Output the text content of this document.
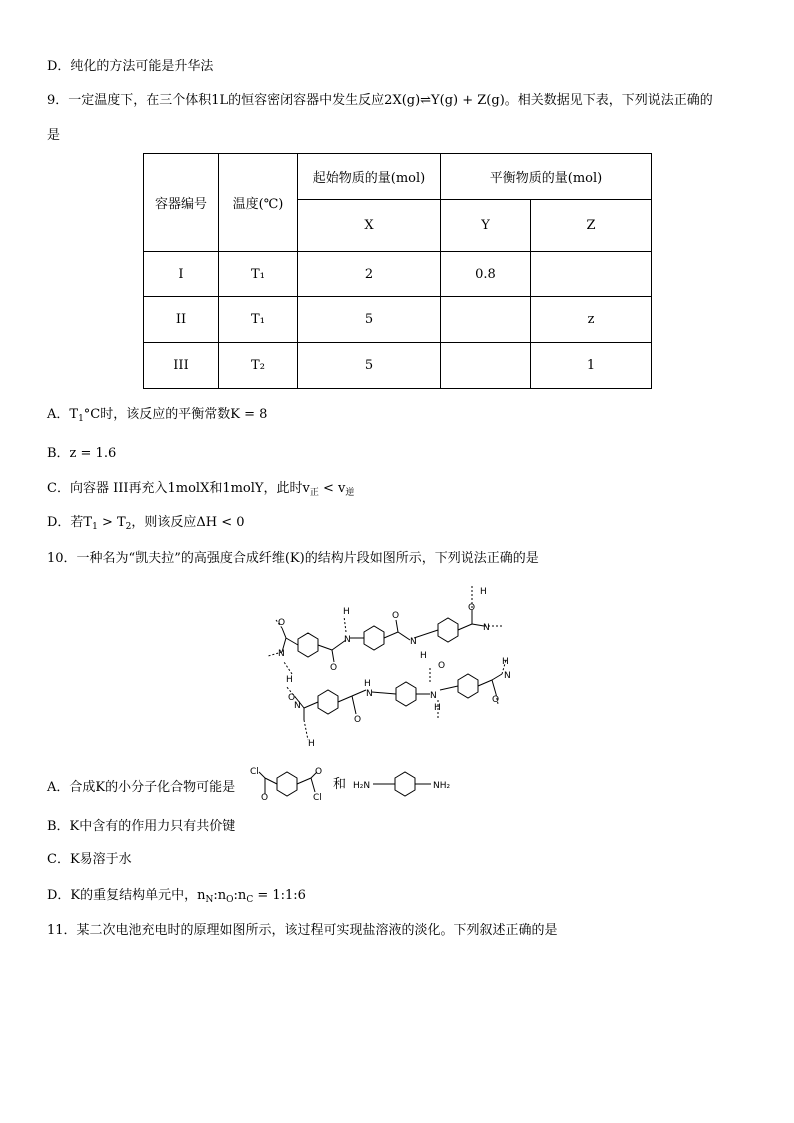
D．纯化的方法可能是升华法
9．一定温度下，在三个体积1L的恒容密闭容器中发生反应2X(g)⇌Y(g) + Z(g)。相关数据见下表，下列说法正确的
是
容器编号	温度(℃)	起始物质的量(mol)	平衡物质的量(mol)	
		X	Y	Z
I	T₁	2	0.8	
II	T₁	5		z
III	T₂	5		1
A．$T_1^\circ C$时，该反应的平衡常数K = 8
B．z = 1.6
C．向容器 III再充入1molX和1molY，此时$v_正 < v_逆$
D．若$T_1 > T_2$，则该反应ΔH < 0
10．一种名为“凯夫拉”的高强度合成纤维(K)的结构片段如图所示，下列说法正确的是
O
N
O
N
H	O
N
H
O
H
N
H
O
N
H
O
H
N	N
H
O	H
N
O
A．合成K的小分子化合物可能是
Cl
O
O
Cl
和 H₂N	NH₂
B．K中含有的作用力只有共价键
C．K易溶于水
D．K的重复结构单元中，$n_N:n_O:n_C$ = 1:1:6
11．某二次电池充电时的原理如图所示，该过程可实现盐溶液的淡化。下列叙述正确的是
